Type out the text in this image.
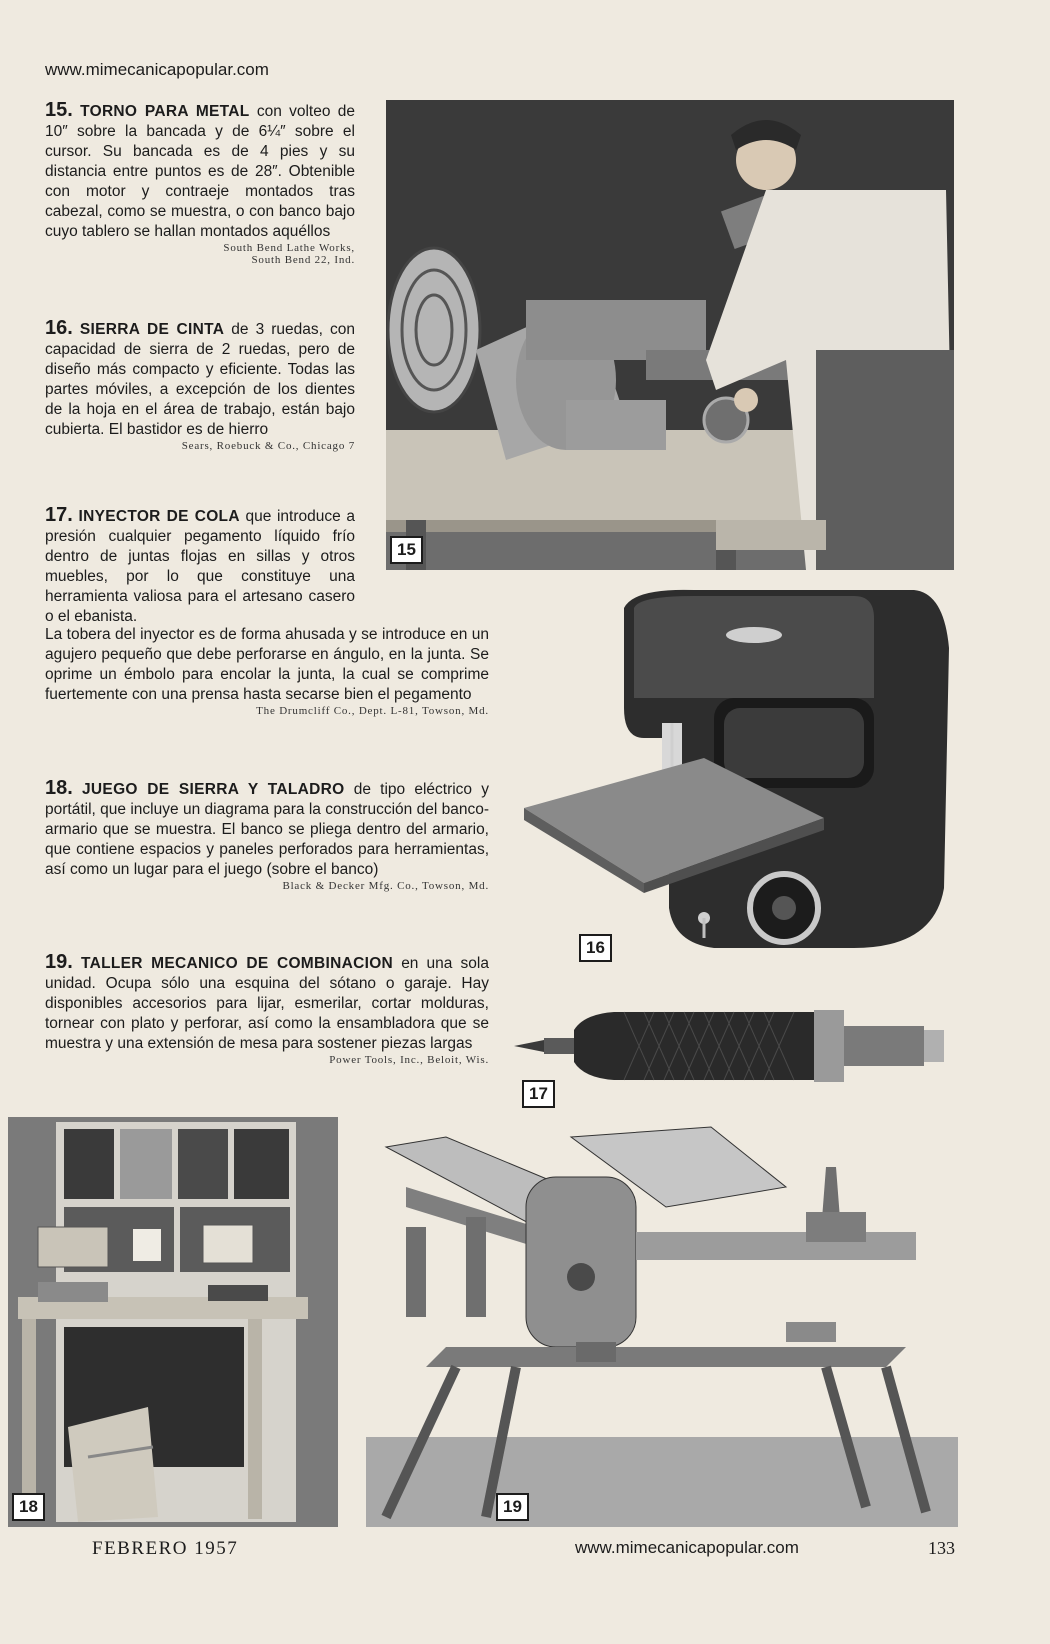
www.mimecanicapopular.com
15. TORNO PARA METAL con volteo de 10″ sobre la bancada y de 6¼″ sobre el cursor. Su bancada es de 4 pies y su distancia entre puntos es de 28″. Obtenible con motor y contraeje montados tras cabezal, como se muestra, o con banco bajo cuyo tablero se hallan montados aquéllos
South Bend Lathe Works,
South Bend 22, Ind.
16. SIERRA DE CINTA de 3 ruedas, con capacidad de sierra de 2 ruedas, pero de diseño más compacto y eficiente. Todas las partes móviles, a excepción de los dientes de la hoja en el área de trabajo, están bajo cubierta. El bastidor es de hierro
Sears, Roebuck & Co., Chicago 7
17. INYECTOR DE COLA que introduce a presión cualquier pegamento líquido frío dentro de juntas flojas en sillas y otros muebles, por lo que constituye una herramienta valiosa para el artesano casero o el ebanista.
La tobera del inyector es de forma ahusada y se introduce en un agujero pequeño que debe perforarse en ángulo, en la junta. Se oprime un émbolo para encolar la junta, la cual se comprime fuertemente con una prensa hasta secarse bien el pegamento
The Drumcliff Co., Dept. L-81, Towson, Md.
18. JUEGO DE SIERRA Y TALADRO de tipo eléctrico y portátil, que incluye un diagrama para la construcción del banco-armario que se muestra. El banco se pliega dentro del armario, que contiene espacios y paneles perforados para herramientas, así como un lugar para el juego (sobre el banco)
Black & Decker Mfg. Co., Towson, Md.
19. TALLER MECANICO DE COMBINACION en una sola unidad. Ocupa sólo una esquina del sótano o garaje. Hay disponibles accesorios para lijar, esmerilar, cortar molduras, tornear con plato y perforar, así como la ensambladora que se muestra y una extensión de mesa para sostener piezas largas
Power Tools, Inc., Beloit, Wis.
15
16
17
18	19
FEBRERO 1957	www.mimecanicapopular.com	133
